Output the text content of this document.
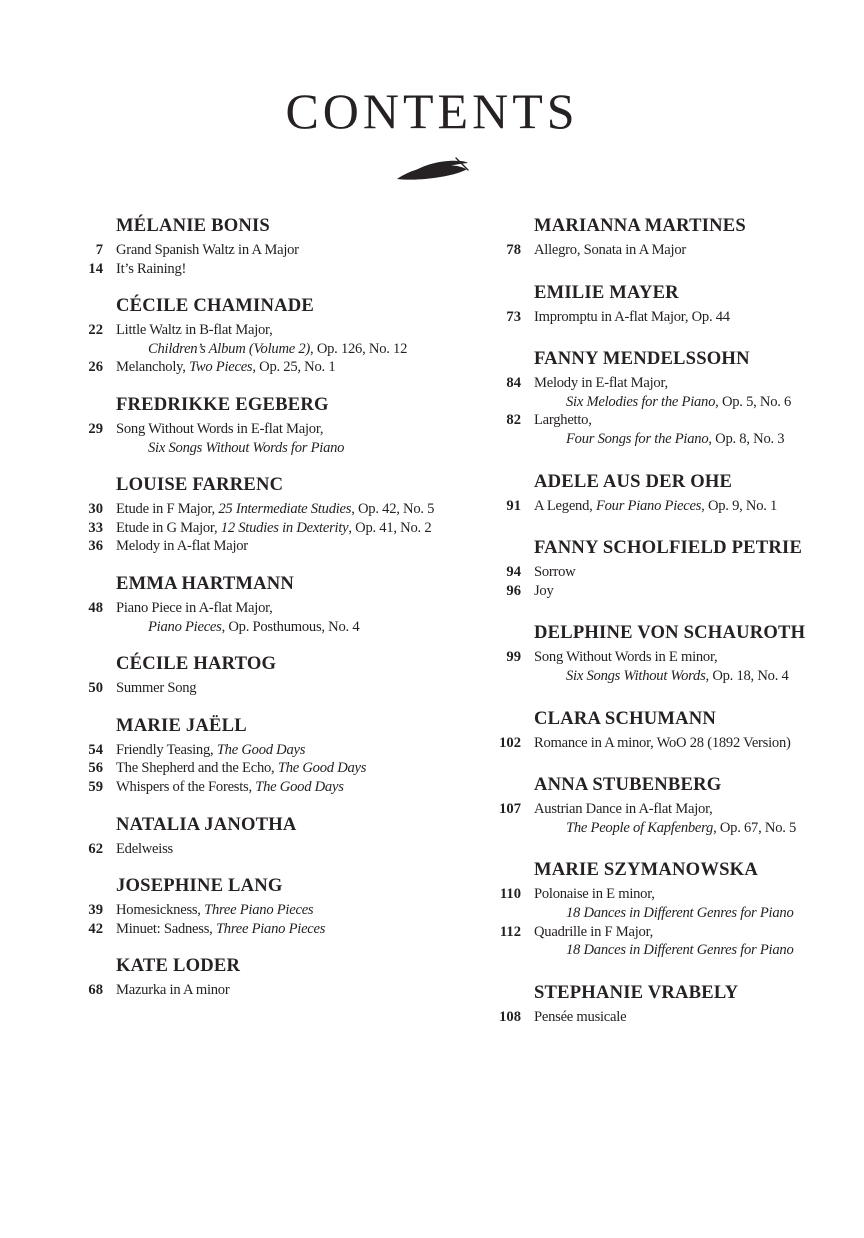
CONTENTS
MÉLANIE BONIS
7 Grand Spanish Waltz in A Major
14 It’s Raining!
CÉCILE CHAMINADE
22 Little Waltz in B-flat Major,
Children’s Album (Volume 2), Op. 126, No. 12
26 Melancholy, Two Pieces, Op. 25, No. 1
FREDRIKKE EGEBERG
29 Song Without Words in E-flat Major,
Six Songs Without Words for Piano
LOUISE FARRENC
30 Etude in F Major, 25 Intermediate Studies, Op. 42, No. 5
33 Etude in G Major, 12 Studies in Dexterity, Op. 41, No. 2
36 Melody in A-flat Major
EMMA HARTMANN
48 Piano Piece in A-flat Major,
Piano Pieces, Op. Posthumous, No. 4
CÉCILE HARTOG
50 Summer Song
MARIE JAËLL
54 Friendly Teasing, The Good Days
56 The Shepherd and the Echo, The Good Days
59 Whispers of the Forests, The Good Days
NATALIA JANOTHA
62 Edelweiss
JOSEPHINE LANG
39 Homesickness, Three Piano Pieces
42 Minuet: Sadness, Three Piano Pieces
KATE LODER
68 Mazurka in A minor
MARIANNA MARTINES
78 Allegro, Sonata in A Major
EMILIE MAYER
73 Impromptu in A-flat Major, Op. 44
FANNY MENDELSSOHN
84 Melody in E-flat Major,
Six Melodies for the Piano, Op. 5, No. 6
82 Larghetto,
Four Songs for the Piano, Op. 8, No. 3
ADELE AUS DER OHE
91 A Legend, Four Piano Pieces, Op. 9, No. 1
FANNY SCHOLFIELD PETRIE
94 Sorrow
96 Joy
DELPHINE VON SCHAUROTH
99 Song Without Words in E minor,
Six Songs Without Words, Op. 18, No. 4
CLARA SCHUMANN
102 Romance in A minor, WoO 28 (1892 Version)
ANNA STUBENBERG
107 Austrian Dance in A-flat Major,
The People of Kapfenberg, Op. 67, No. 5
MARIE SZYMANOWSKA
110 Polonaise in E minor,
18 Dances in Different Genres for Piano
112 Quadrille in F Major,
18 Dances in Different Genres for Piano
STEPHANIE VRABELY
108 Pensée musicale
